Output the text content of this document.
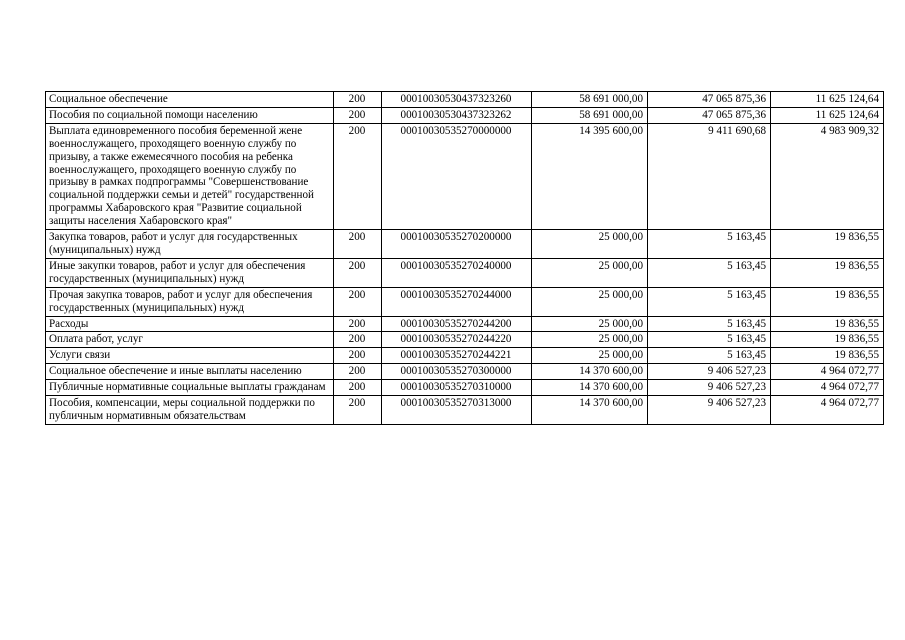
Социальное обеспечение	200	00010030530437323260	58 691 000,00	47 065 875,36	11 625 124,64
Пособия по социальной помощи населению	200	00010030530437323262	58 691 000,00	47 065 875,36	11 625 124,64
Выплата единовременного пособия беременной жене военнослужащего, проходящего военную службу по призыву, а также ежемесячного пособия на ребенка военнослужащего, проходящего военную службу по призыву в рамках подпрограммы "Совершенствование социальной поддержки семьи и детей" государственной программы Хабаровского края "Развитие социальной защиты населения Хабаровского края"	200	00010030535270000000	14 395 600,00	9 411 690,68	4 983 909,32
Закупка товаров, работ и услуг для государственных (муниципальных) нужд	200	00010030535270200000	25 000,00	5 163,45	19 836,55
Иные закупки товаров, работ и услуг для обеспечения государственных (муниципальных) нужд	200	00010030535270240000	25 000,00	5 163,45	19 836,55
Прочая закупка товаров, работ и услуг для обеспечения государственных (муниципальных) нужд	200	00010030535270244000	25 000,00	5 163,45	19 836,55
Расходы	200	00010030535270244200	25 000,00	5 163,45	19 836,55
Оплата работ, услуг	200	00010030535270244220	25 000,00	5 163,45	19 836,55
Услуги связи	200	00010030535270244221	25 000,00	5 163,45	19 836,55
Социальное обеспечение и иные выплаты населению	200	00010030535270300000	14 370 600,00	9 406 527,23	4 964 072,77
Публичные нормативные социальные выплаты гражданам	200	00010030535270310000	14 370 600,00	9 406 527,23	4 964 072,77
Пособия, компенсации, меры социальной поддержки по публичным нормативным обязательствам	200	00010030535270313000	14 370 600,00	9 406 527,23	4 964 072,77
